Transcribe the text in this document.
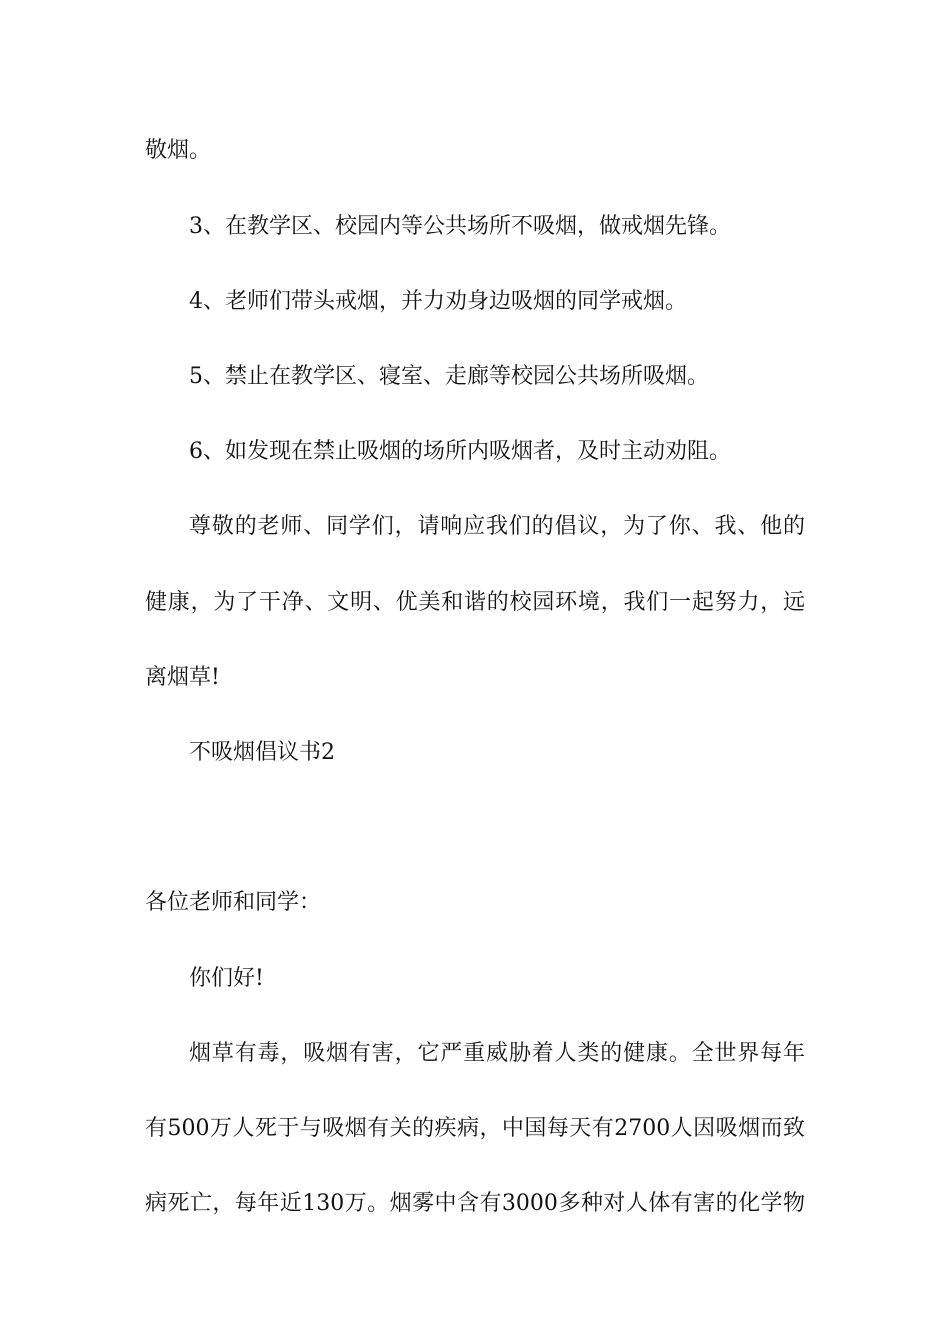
敬烟。
3、在教学区、校园内等公共场所不吸烟，做戒烟先锋。
4、老师们带头戒烟，并力劝身边吸烟的同学戒烟。
5、禁止在教学区、寝室、走廊等校园公共场所吸烟。
6、如发现在禁止吸烟的场所内吸烟者，及时主动劝阻。
尊敬的老师、同学们，请响应我们的倡议，为了你、我、他的
健康，为了干净、文明、优美和谐的校园环境，我们一起努力，远
离烟草!
不吸烟倡议书2
各位老师和同学：
你们好!
烟草有毒，吸烟有害，它严重威胁着人类的健康。全世界每年
有500万人死于与吸烟有关的疾病，中国每天有2700人因吸烟而致
病死亡，每年近130万。烟雾中含有3000多种对人体有害的化学物
